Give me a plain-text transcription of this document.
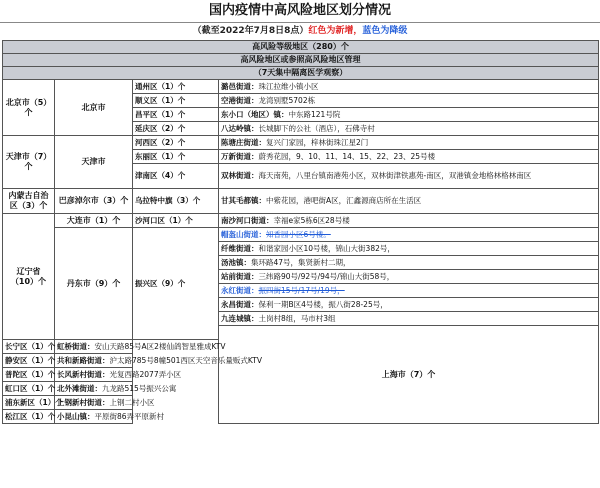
国内疫情中高风险地区划分情况
（截至2022年7月8日8点）红色为新增，蓝色为降级
高风险等级地区（280）个				
高风险地区或参照高风险地区管理				
（7天集中隔离医学观察）				
北京市（5）个	北京市	通州区（1）个	潞邑街道：珠江拉维小镇小区	
		顺义区（1）个	空港街道：龙湾别墅5702栋	
		昌平区（1）个	东小口（地区）镇：中东路121号院	
		延庆区（2）个	八达岭镇：长城脚下的公社（酒店），石佛寺村	
天津市（7）个	天津市	河西区（2）个	陈塘庄街道：复兴门家园，梓林街珠江星2门	
		东丽区（1）个	万新街道：蔚秀花园，9、10、11、14、15、22、23、25号楼	
		津南区（4）个	双林街道：海天南苑，八里台镇南港苑小区，双林街津铁惠苑-南区，双港镇金地格林格林南区	
内蒙古自治区（3）个	巴彦淖尔市（3）个	乌拉特中旗（3）个	甘其毛都镇：中紫花园，港吧街A区，汇鑫源商店所在生活区	
辽宁省（10）个	大连市（1）个	沙河口区（1）个	南沙河口街道：幸福e家5栋6区28号楼	
	丹东市（9）个	振兴区（9）个	帽盔山街道：知香园小区6号楼。	
			纤维街道：和谐家园小区10号楼，锦山大街382号，	
			汤池镇：集环路47号，集贤新村二期，	
			站前街道：三纬路90号/92号/94号/锦山大街58号，	
			永红街道：振四街15号/17号/19号，	
			永昌街道：保利一期B区4号楼，振八街28-25号，	
			九连城镇：土岗村8组，马市村3组	
			上海市（7）个			
长宁区（1）个	虹桥街道：安山天路85号A区2楼仙鸽智星雅成KTV			
静安区（1）个	共和新路街道：沪太路785号8幢501西区天空音乐量贩式KTV			
普陀区（1）个	长风新村街道：光复西路2077弄小区			
虹口区（1）个	北外滩街道：九龙路515号振兴公寓			
浦东新区（1）个	上钢新村街道：上钢二村小区			
松江区（1）个	小昆山镇：平原街86弄平原新村			
